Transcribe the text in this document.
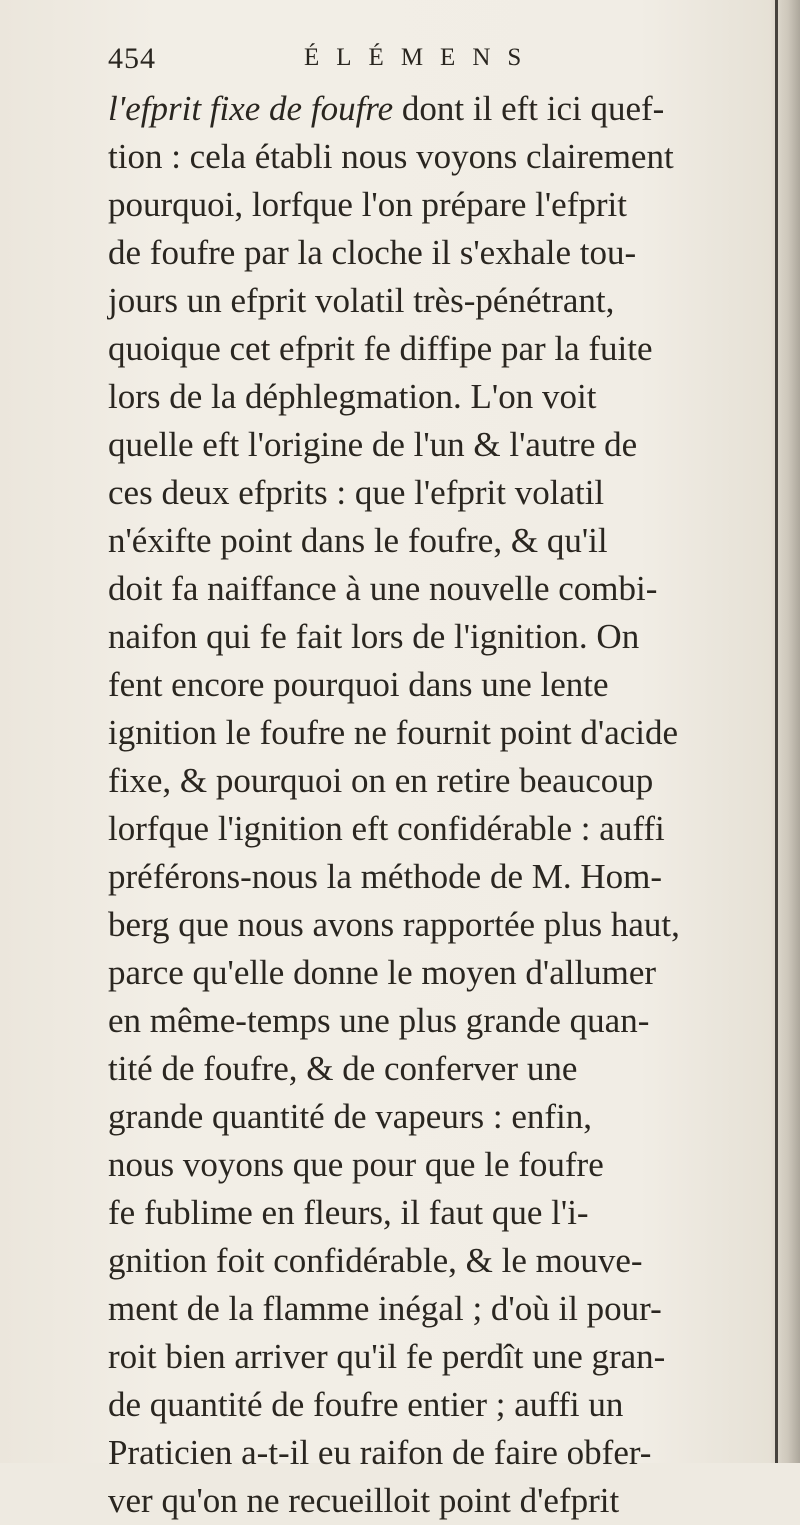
454	ÉLÉMENS
l'efprit fixe de foufre dont il eft ici quef-
tion : cela établi nous voyons clairement
pourquoi, lorfque l'on prépare l'efprit
de foufre par la cloche il s'exhale tou-
jours un efprit volatil très-pénétrant,
quoique cet efprit fe diffipe par la fuite
lors de la déphlegmation. L'on voit
quelle eft l'origine de l'un & l'autre de
ces deux efprits : que l'efprit volatil
n'éxifte point dans le foufre, & qu'il
doit fa naiffance à une nouvelle combi-
naifon qui fe fait lors de l'ignition. On
fent encore pourquoi dans une lente
ignition le foufre ne fournit point d'acide
fixe, & pourquoi on en retire beaucoup
lorfque l'ignition eft confidérable : auffi
préférons-nous la méthode de M. Hom-
berg que nous avons rapportée plus haut,
parce qu'elle donne le moyen d'allumer
en même-temps une plus grande quan-
tité de foufre, & de conferver une
grande quantité de vapeurs : enfin,
nous voyons que pour que le foufre
fe fublime en fleurs, il faut que l'i-
gnition foit confidérable, & le mouve-
ment de la flamme inégal ; d'où il pour-
roit bien arriver qu'il fe perdît une gran-
de quantité de foufre entier ; auffi un
Praticien a-t-il eu raifon de faire obfer-
ver qu'on ne recueilloit point d'efprit
